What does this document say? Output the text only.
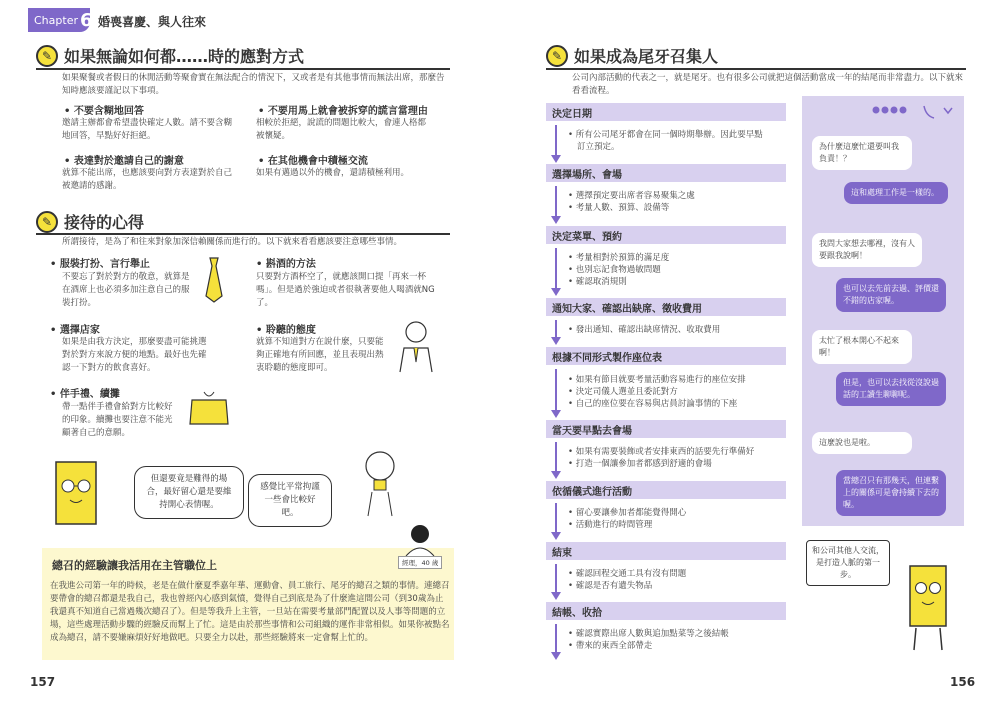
Chapter 6 婚喪喜慶、與人往來
✎ 如果無論如何都……時的應對方式
如果聚餐或者假日的休閒活動等聚會實在無法配合的情況下，又或者是有其他事情而無法出席，那麼告知時應該要謹記以下事項。
• 不要含糊地回答
邀請主辦都會希望盡快確定人數。請不要含糊地回答，早點好好拒絕。
• 不要用馬上就會被拆穿的謊言當理由
相較於拒絕，說謊的問題比較大，會連人格都被懷疑。
• 表達對於邀請自己的謝意
就算不能出席，也應該要向對方表達對於自己被邀請的感謝。
• 在其他機會中積極交流
如果有邁過以外的機會，還請積極利用。
✎ 接待的心得
所謂接待，是為了和往來對象加深信賴關係而進行的。以下就來看看應該要注意哪些事情。
• 服裝打扮、言行舉止
不要忘了對於對方的敬意，就算是在酒席上也必須多加注意自己的服裝打扮。
• 斟酒的方法
只要對方酒杯空了，就應該開口提「再來一杯嗎」。但是過於強迫或者很執著要他人喝酒就NG了。
• 選擇店家
如果是由我方決定，那麼要盡可能挑選對於對方來說方便的地點。最好也先確認一下對方的飲食喜好。
• 聆聽的態度
就算不知道對方在說什麼，只要能夠正確地有所回應，並且表現出熱衷聆聽的態度即可。
• 伴手禮、續攤
帶一點伴手禮會給對方比較好的印象。續攤也要注意不能光顧著自己的意願。
但還要竟是難得的場合，最好留心還是要維持開心表情喔。
感覺比平常拘謹一些會比較好吧。
總召的經驗讓我活用在主管職位上	經理，40 歲
在我進公司第一年的時候，老是在做什麼夏季嘉年華、運動會、員工旅行、尾牙的總召之類的事情。連總召要帶會的總召都還是我自己，我也曾經內心感到氣憤，覺得自己到底是為了什麼進這間公司（到30歲為止我還真不知道自己當過幾次總召了）。但是等我升上主管，一旦站在需要考量部門配置以及人事等問題的立場，這些處理活動步驟的經驗反而幫上了忙。這是由於那些事情和公司組織的運作非常相似。如果你被點名成為總召，請不要嫌麻煩好好地做吧。只要全力以赴，那些經驗將來一定會幫上忙的。
157
✎ 如果成為尾牙召集人
公司內部活動的代表之一，就是尾牙。也有很多公司就把這個活動當成一年的結尾而非常盡力。以下就來看看流程。
決定日期
• 所有公司尾牙都會在同一個時期舉辦。因此要早點
訂立預定。
選擇場所、會場
• 選擇預定要出席者容易聚集之處
• 考量人數、預算、設備等
決定菜單、預約
• 考量相對於預算的滿足度
• 也別忘記食物過敏問題
• 確認取消規則
通知大家、確認出缺席、徵收費用
• 發出通知、確認出缺席情況、收取費用
根據不同形式製作座位表
• 如果有節目就要考量活動容易進行的座位安排
• 決定司儀人選並且委託對方
• 自己的座位要在容易與店員討論事情的下座
當天要早點去會場
• 如果有需要裝飾或者安排東西的話要先行準備好
• 打造一個讓參加者都感到舒適的會場
依循儀式進行活動
• 留心要讓參加者都能覺得開心
• 活動進行的時間管理
結束
• 確認回程交通工具有沒有問題
• 確認是否有遺失物品
結帳、收拾
• 確認實際出席人數與追加點菜等之後結帳
• 帶來的東西全部帶走
為什麼這麼忙還要叫我負責！？
這和處理工作是一樣的。
我問大家想去哪裡，沒有人要跟我說啊！
也可以去先前去過、評價還不錯的店家喔。
太忙了根本開心不起來啊！
但是，也可以去找從沒說過話的工讀生聊聊呢。
這麼說也是啦。
當總召只有那幾天，但連繫上的關係可是會持續下去的喔。
和公司其他人交流，是打造人脈的第一步。
156
